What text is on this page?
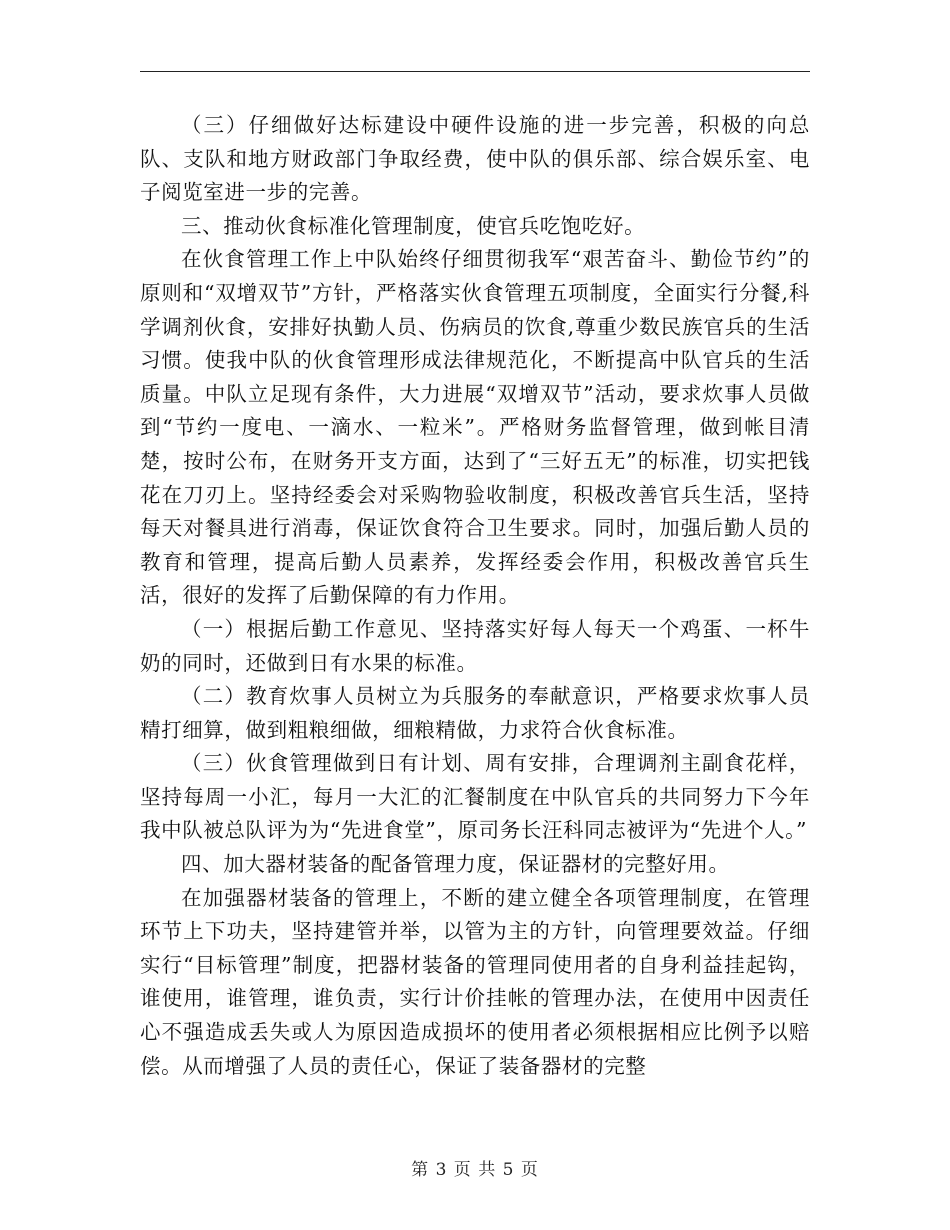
（三）仔细做好达标建设中硬件设施的进一步完善，积极的向总队、支队和地方财政部门争取经费，使中队的俱乐部、综合娱乐室、电子阅览室进一步的完善。

三、推动伙食标准化管理制度，使官兵吃饱吃好。

在伙食管理工作上中队始终仔细贯彻我军“艰苦奋斗、勤俭节约”的原则和“双增双节”方针，严格落实伙食管理五项制度，全面实行分餐,科学调剂伙食，安排好执勤人员、伤病员的饮食,尊重少数民族官兵的生活习惯。使我中队的伙食管理形成法律规范化，不断提高中队官兵的生活质量。中队立足现有条件，大力进展“双增双节”活动，要求炊事人员做到“节约一度电、一滴水、一粒米”。严格财务监督管理，做到帐目清楚，按时公布，在财务开支方面，达到了“三好五无”的标准，切实把钱花在刀刃上。坚持经委会对采购物验收制度，积极改善官兵生活，坚持每天对餐具进行消毒，保证饮食符合卫生要求。同时，加强后勤人员的教育和管理，提高后勤人员素养，发挥经委会作用，积极改善官兵生活，很好的发挥了后勤保障的有力作用。

（一）根据后勤工作意见、坚持落实好每人每天一个鸡蛋、一杯牛奶的同时，还做到日有水果的标准。

（二）教育炊事人员树立为兵服务的奉献意识，严格要求炊事人员精打细算，做到粗粮细做，细粮精做，力求符合伙食标准。

（三）伙食管理做到日有计划、周有安排，合理调剂主副食花样，坚持每周一小汇，每月一大汇的汇餐制度在中队官兵的共同努力下今年我中队被总队评为为“先进食堂”，原司务长汪科同志被评为“先进个人。”

四、加大器材装备的配备管理力度，保证器材的完整好用。

在加强器材装备的管理上，不断的建立健全各项管理制度，在管理环节上下功夫，坚持建管并举，以管为主的方针，向管理要效益。仔细实行“目标管理”制度，把器材装备的管理同使用者的自身利益挂起钩，谁使用，谁管理，谁负责，实行计价挂帐的管理办法，在使用中因责任心不强造成丢失或人为原因造成损坏的使用者必须根据相应比例予以赔偿。从而增强了人员的责任心，保证了装备器材的完整

第 3 页 共 5 页
